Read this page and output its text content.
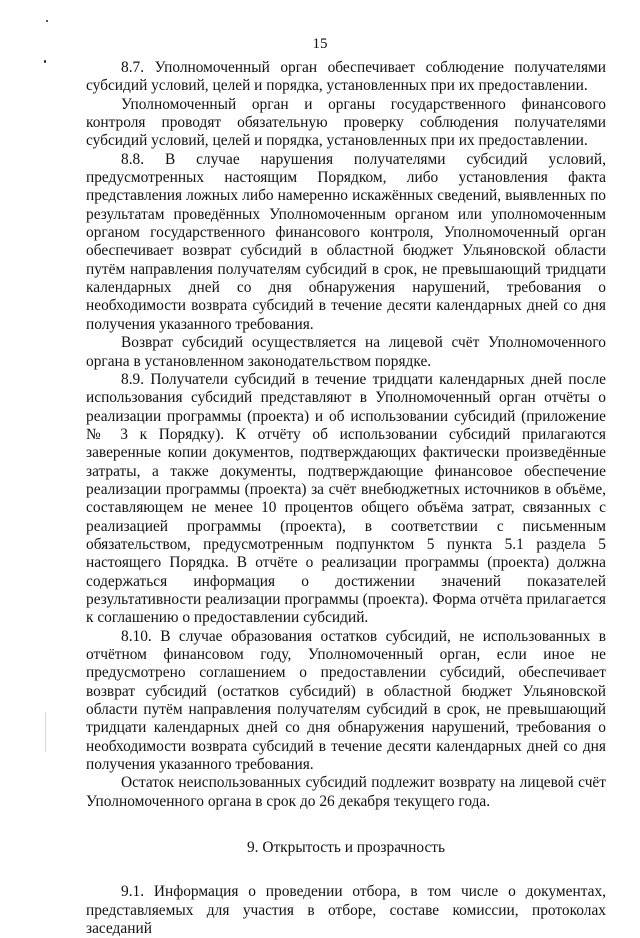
15

8.7. Уполномоченный орган обеспечивает соблюдение получателями субсидий условий, целей и порядка, установленных при их предоставлении.

Уполномоченный орган и органы государственного финансового контроля проводят обязательную проверку соблюдения получателями субсидий условий, целей и порядка, установленных при их предоставлении.

8.8. В случае нарушения получателями субсидий условий, предусмотренных настоящим Порядком, либо установления факта представления ложных либо намеренно искажённых сведений, выявленных по результатам проведённых Уполномоченным органом или уполномоченным органом государственного финансового контроля, Уполномоченный орган обеспечивает возврат субсидий в областной бюджет Ульяновской области путём направления получателям субсидий в срок, не превышающий тридцати календарных дней со дня обнаружения нарушений, требования о необходимости возврата субсидий в течение десяти календарных дней со дня получения указанного требования.

Возврат субсидий осуществляется на лицевой счёт Уполномоченного органа в установленном законодательством порядке.

8.9. Получатели субсидий в течение тридцати календарных дней после использования субсидий представляют в Уполномоченный орган отчёты о реализации программы (проекта) и об использовании субсидий (приложение № 3 к Порядку). К отчёту об использовании субсидий прилагаются заверенные копии документов, подтверждающих фактически произведённые затраты, а также документы, подтверждающие финансовое обеспечение реализации программы (проекта) за счёт внебюджетных источников в объёме, составляющем не менее 10 процентов общего объёма затрат, связанных с реализацией программы (проекта), в соответствии с письменным обязательством, предусмотренным подпунктом 5 пункта 5.1 раздела 5 настоящего Порядка. В отчёте о реализации программы (проекта) должна содержаться информация о достижении значений показателей результативности реализации программы (проекта). Форма отчёта прилагается к соглашению о предоставлении субсидий.

8.10. В случае образования остатков субсидий, не использованных в отчётном финансовом году, Уполномоченный орган, если иное не предусмотрено соглашением о предоставлении субсидий, обеспечивает возврат субсидий (остатков субсидий) в областной бюджет Ульяновской области путём направления получателям субсидий в срок, не превышающий тридцати календарных дней со дня обнаружения нарушений, требования о необходимости возврата субсидий в течение десяти календарных дней со дня получения указанного требования.

Остаток неиспользованных субсидий подлежит возврату на лицевой счёт Уполномоченного органа в срок до 26 декабря текущего года.

9. Открытость и прозрачность

9.1. Информация о проведении отбора, в том числе о документах, представляемых для участия в отборе, составе комиссии, протоколах заседаний
